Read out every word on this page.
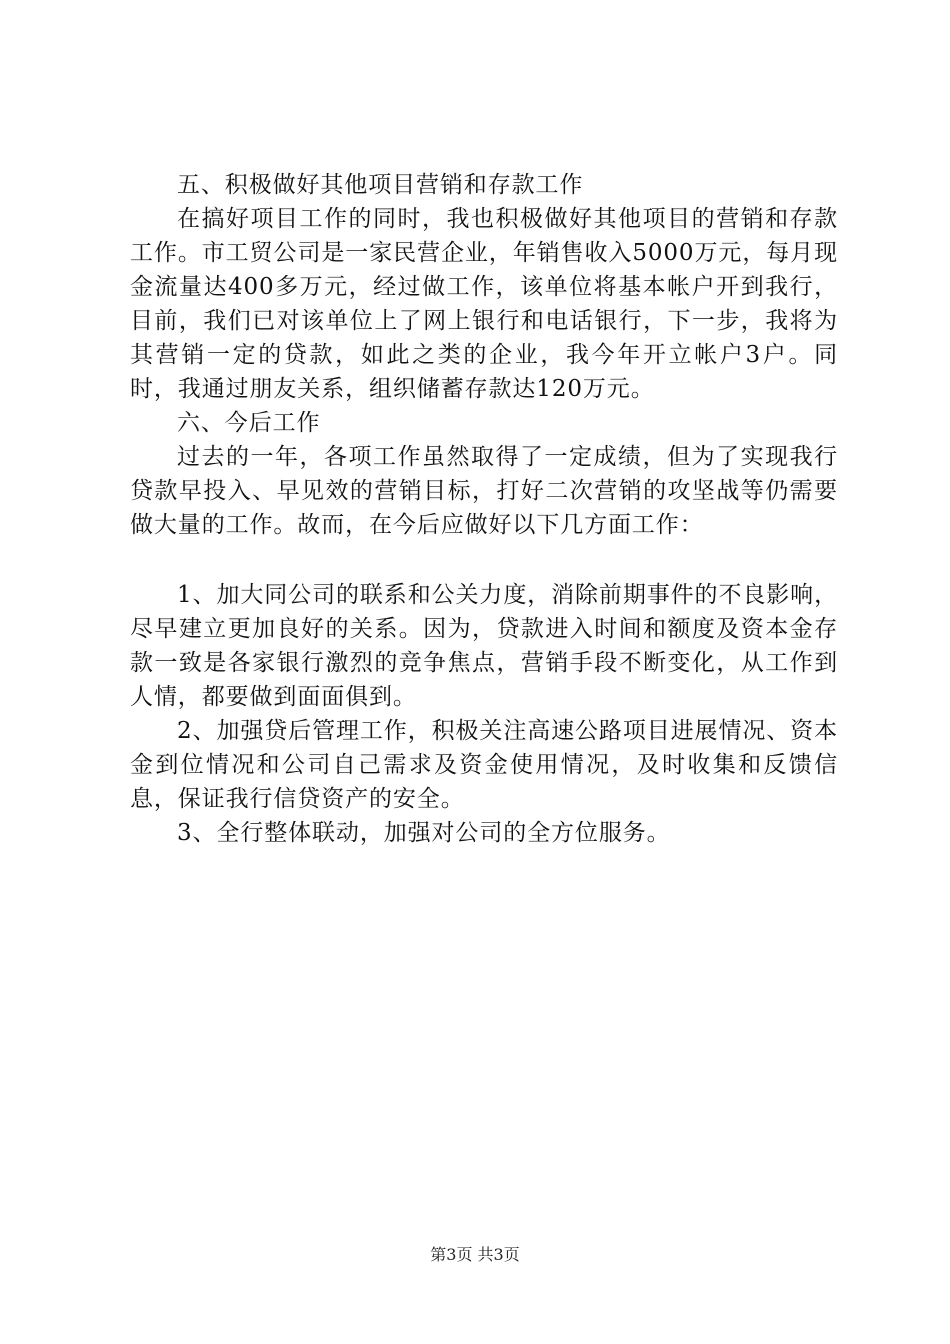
五、积极做好其他项目营销和存款工作

在搞好项目工作的同时，我也积极做好其他项目的营销和存款工作。市工贸公司是一家民营企业，年销售收入5000万元，每月现金流量达400多万元，经过做工作，该单位将基本帐户开到我行，目前，我们已对该单位上了网上银行和电话银行，下一步，我将为其营销一定的贷款，如此之类的企业，我今年开立帐户3户。同时，我通过朋友关系，组织储蓄存款达120万元。

六、今后工作

过去的一年，各项工作虽然取得了一定成绩，但为了实现我行贷款早投入、早见效的营销目标，打好二次营销的攻坚战等仍需要做大量的工作。故而，在今后应做好以下几方面工作：

1、加大同公司的联系和公关力度，消除前期事件的不良影响，尽早建立更加良好的关系。因为，贷款进入时间和额度及资本金存款一致是各家银行激烈的竞争焦点，营销手段不断变化，从工作到人情，都要做到面面俱到。

2、加强贷后管理工作，积极关注高速公路项目进展情况、资本金到位情况和公司自己需求及资金使用情况，及时收集和反馈信息，保证我行信贷资产的安全。

3、全行整体联动，加强对公司的全方位服务。

第3页 共3页
